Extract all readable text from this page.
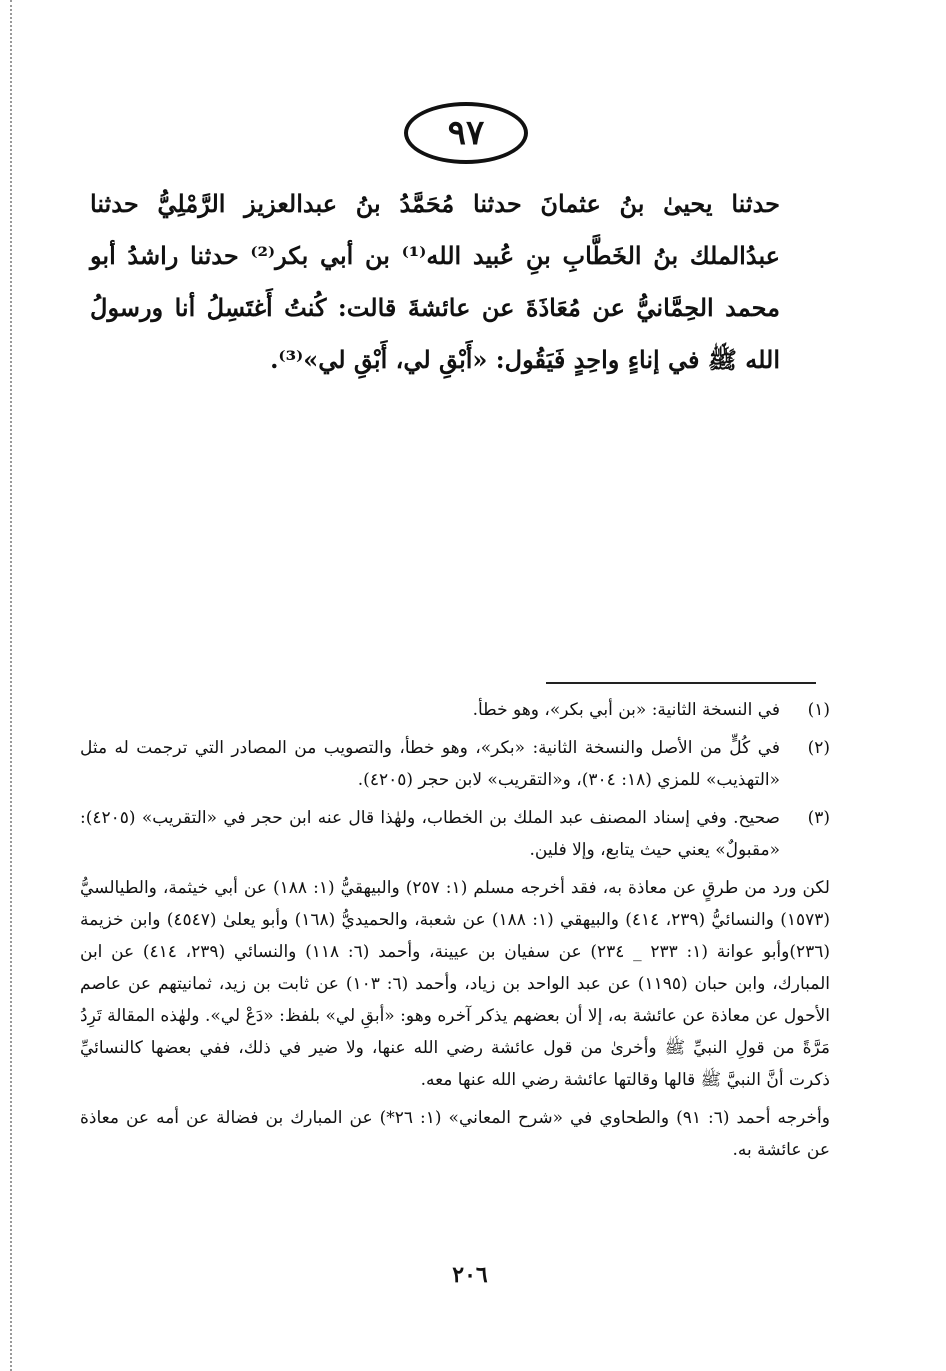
٩٧

حدثنا يحيىٰ بنُ عثمانَ حدثنا مُحَمَّدُ بنُ عبدالعزيز الرَّمْلِيُّ حدثنا عبدُالملك بنُ الخَطَّابِ بنِ عُبيد الله⁽¹⁾ بن أبي بكر⁽²⁾ حدثنا راشدُ أبو محمد الحِمَّانيُّ عن مُعَاذَةَ عن عائشةَ قالت: كُنتُ أَغتَسِلُ أنا ورسولُ الله ﷺ في إناءٍ واحِدٍ فَيَقُول: «أَبْقِ لي، أَبْقِ لي»⁽³⁾.

(١)
في النسخة الثانية: «بن أبي بكر»، وهو خطأ.
(٢)
في كُلٍّ من الأصل والنسخة الثانية: «بكر»، وهو خطأ، والتصويب من المصادر التي ترجمت له مثل «التهذيب» للمزي (١٨: ٣٠٤)، و«التقريب» لابن حجر (٤٢٠٥).
(٣)
صحيح. وفي إسناد المصنف عبد الملك بن الخطاب، ولهٰذا قال عنه ابن حجر في «التقريب» (٤٢٠٥): «مقبولٌ» يعني حيث يتابع، وإلا فلين.

لكن ورد من طرقٍ عن معاذة به، فقد أخرجه مسلم (١: ٢٥٧) والبيهقيُّ (١: ١٨٨) عن أبي خيثمة، والطيالسيُّ (١٥٧٣) والنسائيُّ (٢٣٩، ٤١٤) والبيهقي (١: ١٨٨) عن شعبة، والحميديُّ (١٦٨) وأبو يعلىٰ (٤٥٤٧) وابن خزيمة (٢٣٦)وأبو عوانة (١: ٢٣٣ _ ٢٣٤) عن سفيان بن عيينة، وأحمد (٦: ١١٨) والنسائي (٢٣٩، ٤١٤) عن ابن المبارك، وابن حبان (١١٩٥) عن عبد الواحد بن زياد، وأحمد (٦: ١٠٣) عن ثابت بن زيد، ثمانيتهم عن عاصم الأحول عن معاذة عن عائشة به، إلا أن بعضهم يذكر آخره وهو: «أبقِ لي» بلفظ: «دَعْ لي». ولهٰذه المقالة تَرِدُ مَرَّةً من قولِ النبيِّ ﷺ وأخرىٰ من قول عائشة رضي الله عنها، ولا ضير في ذلك، ففي بعضها كالنسائيِّ ذكرت أنَّ النبيَّ ﷺ قالها وقالتها عائشة رضي الله عنها معه.

وأخرجه أحمد (٦: ٩١) والطحاوي في «شرح المعاني» (١: ٢٦*) عن المبارك بن فضالة عن أمه عن معاذة عن عائشة به.

٢٠٦
